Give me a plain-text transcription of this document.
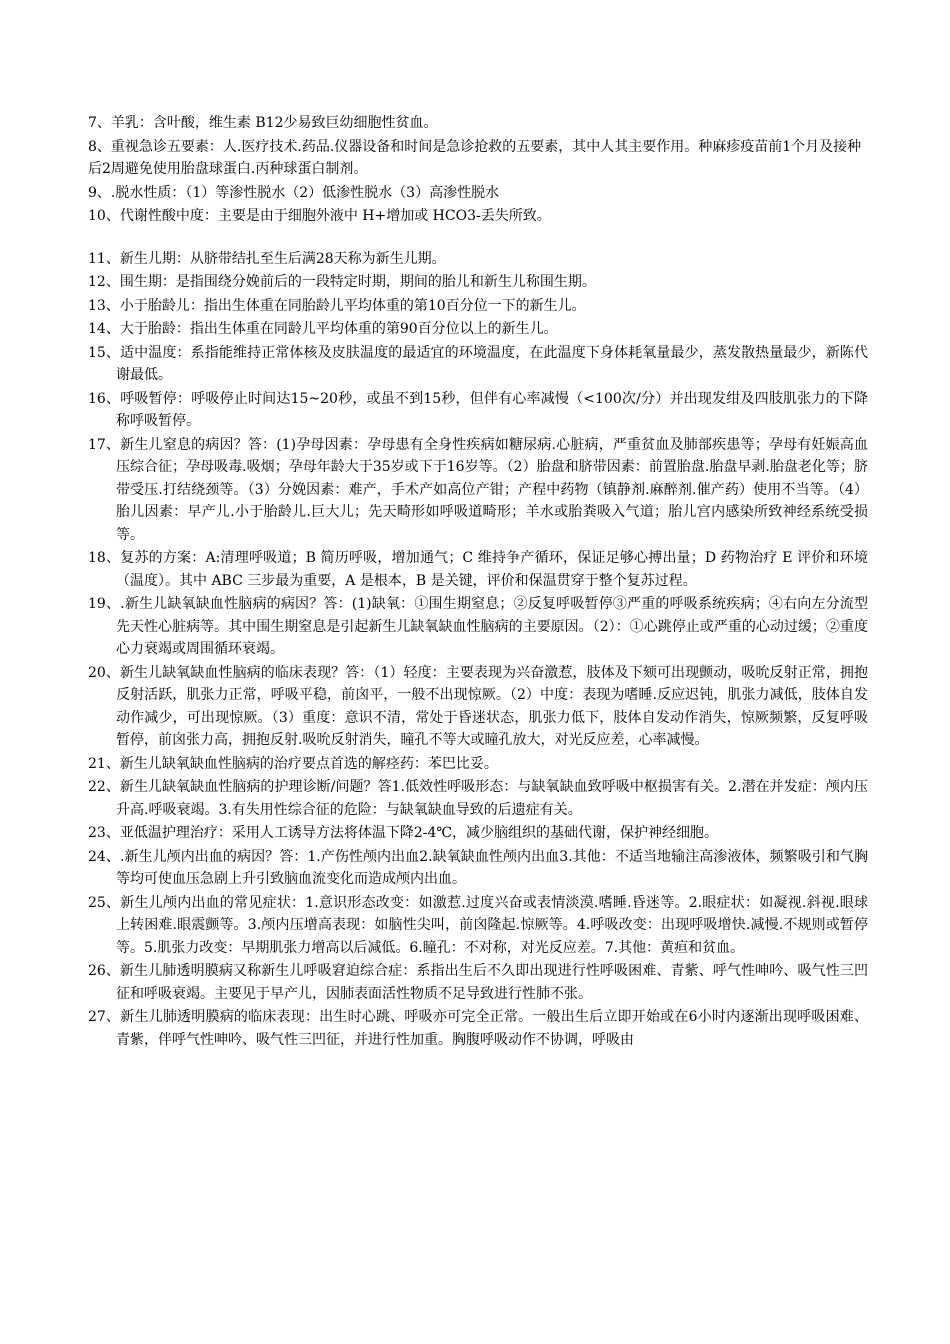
7、羊乳：含叶酸，维生素 B12少易致巨幼细胞性贫血。
8、重视急诊五要素：人.医疗技术.药品.仪器设备和时间是急诊抢救的五要素，其中人其主要作用。种麻疹疫苗前1个月及接种后2周避免使用胎盘球蛋白.丙种球蛋白制剂。
9、.脱水性质：（1）等渗性脱水（2）低渗性脱水（3）高渗性脱水
10、代谢性酸中度：主要是由于细胞外液中 H+增加或 HCO3-丢失所致。
11、新生儿期：从脐带结扎至生后满28天称为新生儿期。
12、围生期：是指围绕分娩前后的一段特定时期，期间的胎儿和新生儿称围生期。
13、小于胎龄儿：指出生体重在同胎龄儿平均体重的第10百分位一下的新生儿。
14、大于胎龄：指出生体重在同龄儿平均体重的第90百分位以上的新生儿。
15、适中温度：系指能维持正常体核及皮肤温度的最适宜的环境温度，在此温度下身体耗氧量最少，蒸发散热量最少，新陈代谢最低。
16、呼吸暂停：呼吸停止时间达15~20秒，或虽不到15秒，但伴有心率减慢（<100次/分）并出现发绀及四肢肌张力的下降称呼吸暂停。
17、新生儿窒息的病因？答：(1)孕母因素：孕母患有全身性疾病如糖尿病.心脏病，严重贫血及肺部疾患等；孕母有妊娠高血压综合征；孕母吸毒.吸烟；孕母年龄大于35岁或下于16岁等。（2）胎盘和脐带因素：前置胎盘.胎盘早剥.胎盘老化等；脐带受压.打结绕颈等。（3）分娩因素：难产，手术产如高位产钳；产程中药物（镇静剂.麻醉剂.催产药）使用不当等。（4）胎儿因素：早产儿.小于胎龄儿.巨大儿；先天畸形如呼吸道畸形；羊水或胎粪吸入气道；胎儿宫内感染所致神经系统受损等。
18、复苏的方案：A:清理呼吸道；B 简历呼吸，增加通气；C 维持争产循环，保证足够心搏出量；D 药物治疗 E 评价和环境（温度）。其中 ABC 三步最为重要，A 是根本，B 是关键，评价和保温贯穿于整个复苏过程。
19、.新生儿缺氧缺血性脑病的病因？答：(1)缺氧：①围生期窒息；②反复呼吸暂停③严重的呼吸系统疾病；④右向左分流型先天性心脏病等。其中围生期窒息是引起新生儿缺氧缺血性脑病的主要原因。（2）：①心跳停止或严重的心动过缓；②重度心力衰竭或周围循环衰竭。
20、新生儿缺氧缺血性脑病的临床表现？答：（1）轻度：主要表现为兴奋激惹，肢体及下颏可出现颤动，吸吮反射正常，拥抱反射活跃，肌张力正常，呼吸平稳，前囟平，一般不出现惊厥。（2）中度：表现为嗜睡.反应迟钝，肌张力减低，肢体自发动作减少，可出现惊厥。（3）重度：意识不清，常处于昏迷状态，肌张力低下，肢体自发动作消失，惊厥频繁，反复呼吸暂停，前囟张力高，拥抱反射.吸吮反射消失，瞳孔不等大或瞳孔放大，对光反应差，心率减慢。
21、新生儿缺氧缺血性脑病的治疗要点首选的解痉药：苯巴比妥。
22、新生儿缺氧缺血性脑病的护理诊断/问题？答1.低效性呼吸形态：与缺氧缺血致呼吸中枢损害有关。2.潜在并发症：颅内压升高.呼吸衰竭。3.有失用性综合征的危险：与缺氧缺血导致的后遗症有关。
23、亚低温护理治疗：采用人工诱导方法将体温下降2-4℃，减少脑组织的基础代谢，保护神经细胞。
24、.新生儿颅内出血的病因？答：1.产伤性颅内出血2.缺氧缺血性颅内出血3.其他：不适当地输注高渗液体，频繁吸引和气胸等均可使血压急剧上升引致脑血流变化而造成颅内出血。
25、新生儿颅内出血的常见症状：1.意识形态改变：如激惹.过度兴奋或表情淡漠.嗜睡.昏迷等。2.眼症状：如凝视.斜视.眼球上转困难.眼震颤等。3.颅内压增高表现：如脑性尖叫，前囟隆起.惊厥等。4.呼吸改变：出现呼吸增快.减慢.不规则或暂停等。5.肌张力改变：早期肌张力增高以后减低。6.瞳孔：不对称，对光反应差。7.其他：黄疸和贫血。
26、新生儿肺透明膜病又称新生儿呼吸窘迫综合症：系指出生后不久即出现进行性呼吸困难、青紫、呼气性呻吟、吸气性三凹征和呼吸衰竭。主要见于早产儿，因肺表面活性物质不足导致进行性肺不张。
27、新生儿肺透明膜病的临床表现：出生时心跳、呼吸亦可完全正常。一般出生后立即开始或在6小时内逐渐出现呼吸困难、青紫，伴呼气性呻吟、吸气性三凹征，并进行性加重。胸腹呼吸动作不协调，呼吸由
